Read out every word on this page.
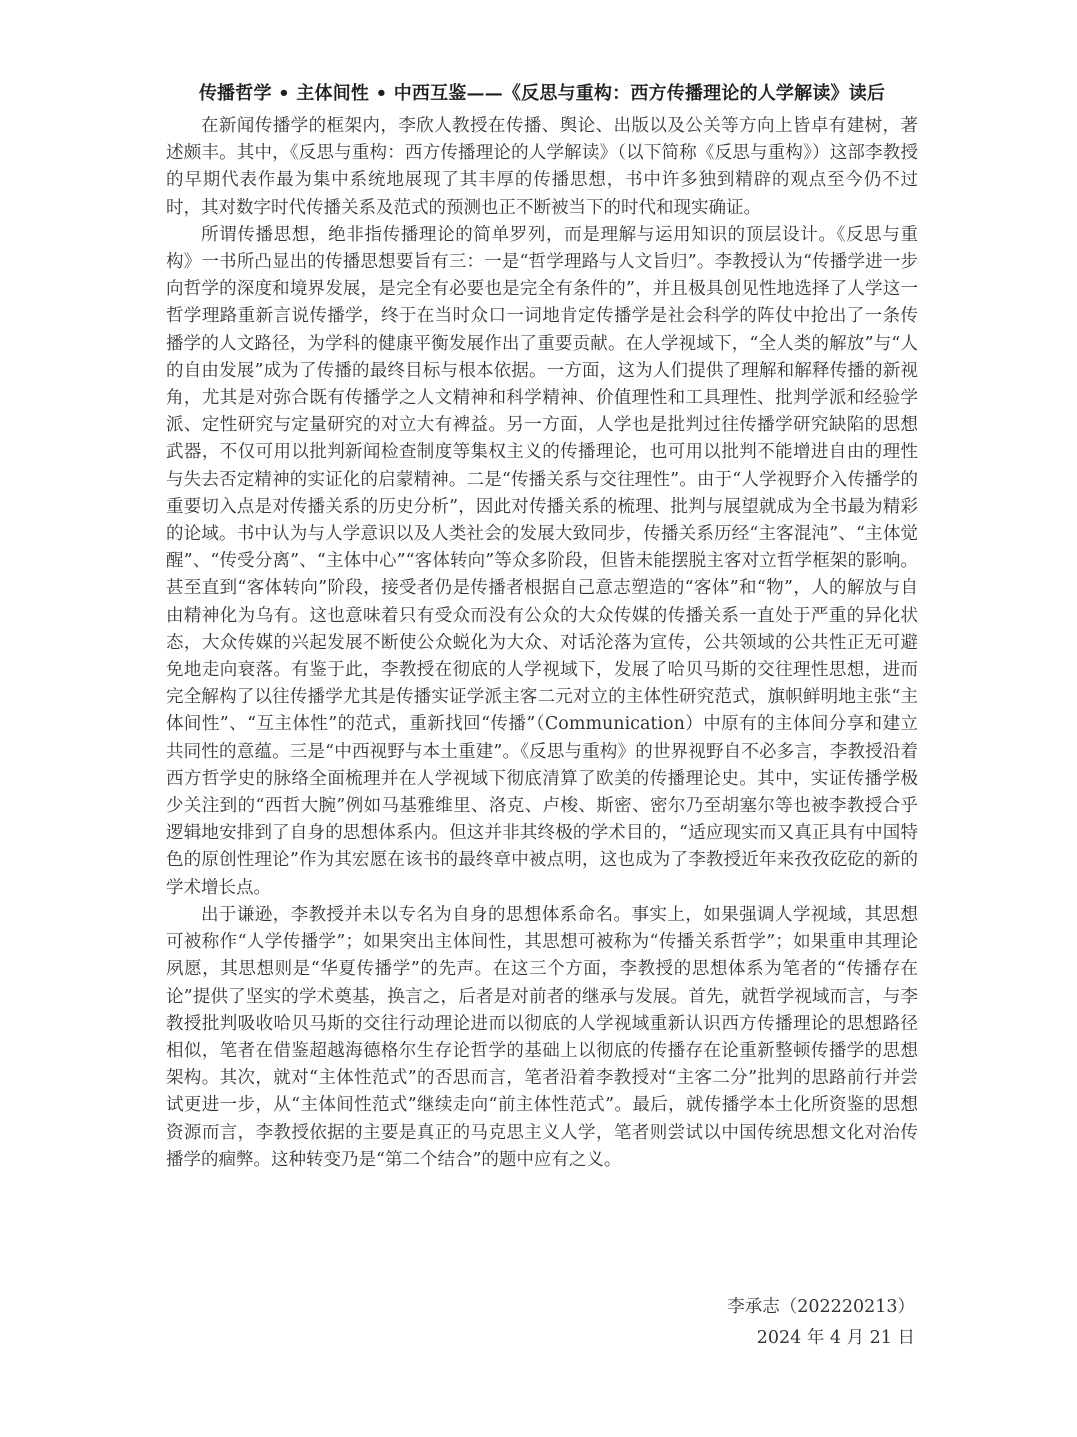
传播哲学 • 主体间性 • 中西互鉴——《反思与重构：西方传播理论的人学解读》读后

在新闻传播学的框架内，李欣人教授在传播、舆论、出版以及公关等方向上皆卓有建树，著述颇丰。其中，《反思与重构：西方传播理论的人学解读》（以下简称《反思与重构》）这部李教授的早期代表作最为集中系统地展现了其丰厚的传播思想，书中许多独到精辟的观点至今仍不过时，其对数字时代传播关系及范式的预测也正不断被当下的时代和现实确证。

所谓传播思想，绝非指传播理论的简单罗列，而是理解与运用知识的顶层设计。《反思与重构》一书所凸显出的传播思想要旨有三：一是“哲学理路与人文旨归”。李教授认为“传播学进一步向哲学的深度和境界发展，是完全有必要也是完全有条件的”，并且极具创见性地选择了人学这一哲学理路重新言说传播学，终于在当时众口一词地肯定传播学是社会科学的阵仗中抢出了一条传播学的人文路径，为学科的健康平衡发展作出了重要贡献。在人学视域下，“全人类的解放”与“人的自由发展”成为了传播的最终目标与根本依据。一方面，这为人们提供了理解和解释传播的新视角，尤其是对弥合既有传播学之人文精神和科学精神、价值理性和工具理性、批判学派和经验学派、定性研究与定量研究的对立大有裨益。另一方面，人学也是批判过往传播学研究缺陷的思想武器，不仅可用以批判新闻检查制度等集权主义的传播理论，也可用以批判不能增进自由的理性与失去否定精神的实证化的启蒙精神。二是“传播关系与交往理性”。由于“人学视野介入传播学的重要切入点是对传播关系的历史分析”，因此对传播关系的梳理、批判与展望就成为全书最为精彩的论域。书中认为与人学意识以及人类社会的发展大致同步，传播关系历经“主客混沌”、“主体觉醒”、“传受分离”、“主体中心”“客体转向”等众多阶段，但皆未能摆脱主客对立哲学框架的影响。甚至直到“客体转向”阶段，接受者仍是传播者根据自己意志塑造的“客体”和“物”，人的解放与自由精神化为乌有。这也意味着只有受众而没有公众的大众传媒的传播关系一直处于严重的异化状态，大众传媒的兴起发展不断使公众蜕化为大众、对话沦落为宣传，公共领域的公共性正无可避免地走向衰落。有鉴于此，李教授在彻底的人学视域下，发展了哈贝马斯的交往理性思想，进而完全解构了以往传播学尤其是传播实证学派主客二元对立的主体性研究范式，旗帜鲜明地主张“主体间性”、“互主体性”的范式，重新找回“传播”（Communication）中原有的主体间分享和建立共同性的意蕴。三是“中西视野与本土重建”。《反思与重构》的世界视野自不必多言，李教授沿着西方哲学史的脉络全面梳理并在人学视域下彻底清算了欧美的传播理论史。其中，实证传播学极少关注到的“西哲大腕”例如马基雅维里、洛克、卢梭、斯密、密尔乃至胡塞尔等也被李教授合乎逻辑地安排到了自身的思想体系内。但这并非其终极的学术目的，“适应现实而又真正具有中国特色的原创性理论”作为其宏愿在该书的最终章中被点明，这也成为了李教授近年来孜孜矻矻的新的学术增长点。

出于谦逊，李教授并未以专名为自身的思想体系命名。事实上，如果强调人学视域，其思想可被称作“人学传播学”；如果突出主体间性，其思想可被称为“传播关系哲学”；如果重申其理论夙愿，其思想则是“华夏传播学”的先声。在这三个方面，李教授的思想体系为笔者的“传播存在论”提供了坚实的学术奠基，换言之，后者是对前者的继承与发展。首先，就哲学视域而言，与李教授批判吸收哈贝马斯的交往行动理论进而以彻底的人学视域重新认识西方传播理论的思想路径相似，笔者在借鉴超越海德格尔生存论哲学的基础上以彻底的传播存在论重新整顿传播学的思想架构。其次，就对“主体性范式”的否思而言，笔者沿着李教授对“主客二分”批判的思路前行并尝试更进一步，从“主体间性范式”继续走向“前主体性范式”。最后，就传播学本土化所资鉴的思想资源而言，李教授依据的主要是真正的马克思主义人学，笔者则尝试以中国传统思想文化对治传播学的痼弊。这种转变乃是“第二个结合”的题中应有之义。

李承志（202220213）
2024 年 4 月 21 日
